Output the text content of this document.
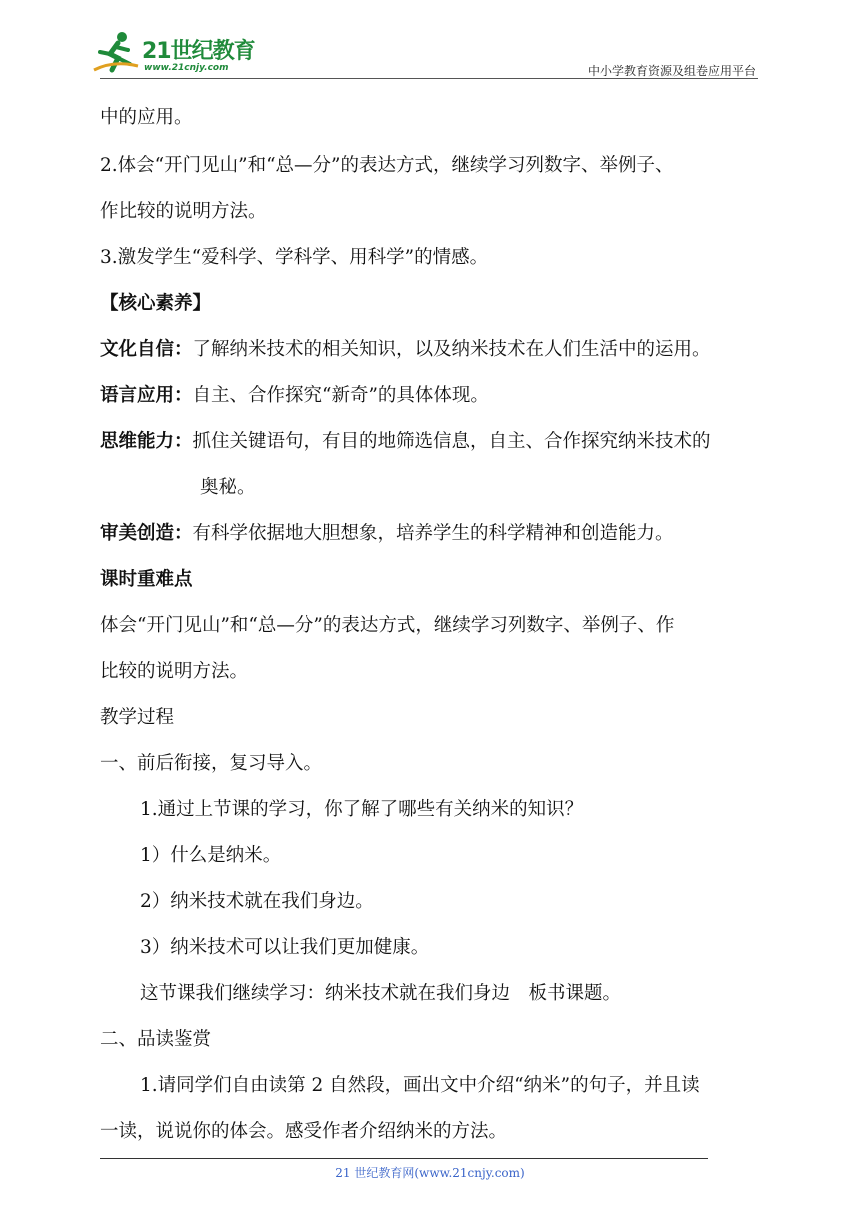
21世纪教育
www.21cnjy.com	中小学教育资源及组卷应用平台

中的应用。

2.体会“开门见山”和“总—分”的表达方式，继续学习列数字、举例子、

作比较的说明方法。

3.激发学生“爱科学、学科学、用科学”的情感。

【核心素养】

文化自信：了解纳米技术的相关知识，以及纳米技术在人们生活中的运用。

语言应用：自主、合作探究“新奇”的具体体现。

思维能力：抓住关键语句，有目的地筛选信息，自主、合作探究纳米技术的

奥秘。

审美创造：有科学依据地大胆想象，培养学生的科学精神和创造能力。

课时重难点

体会“开门见山”和“总—分”的表达方式，继续学习列数字、举例子、作

比较的说明方法。

教学过程

一、前后衔接，复习导入。

1.通过上节课的学习，你了解了哪些有关纳米的知识？

1）什么是纳米。

2）纳米技术就在我们身边。

3）纳米技术可以让我们更加健康。

这节课我们继续学习：纳米技术就在我们身边　板书课题。

二、品读鉴赏

1.请同学们自由读第 2 自然段，画出文中介绍“纳米”的句子，并且读

一读，说说你的体会。感受作者介绍纳米的方法。

21 世纪教育网(www.21cnjy.com)
